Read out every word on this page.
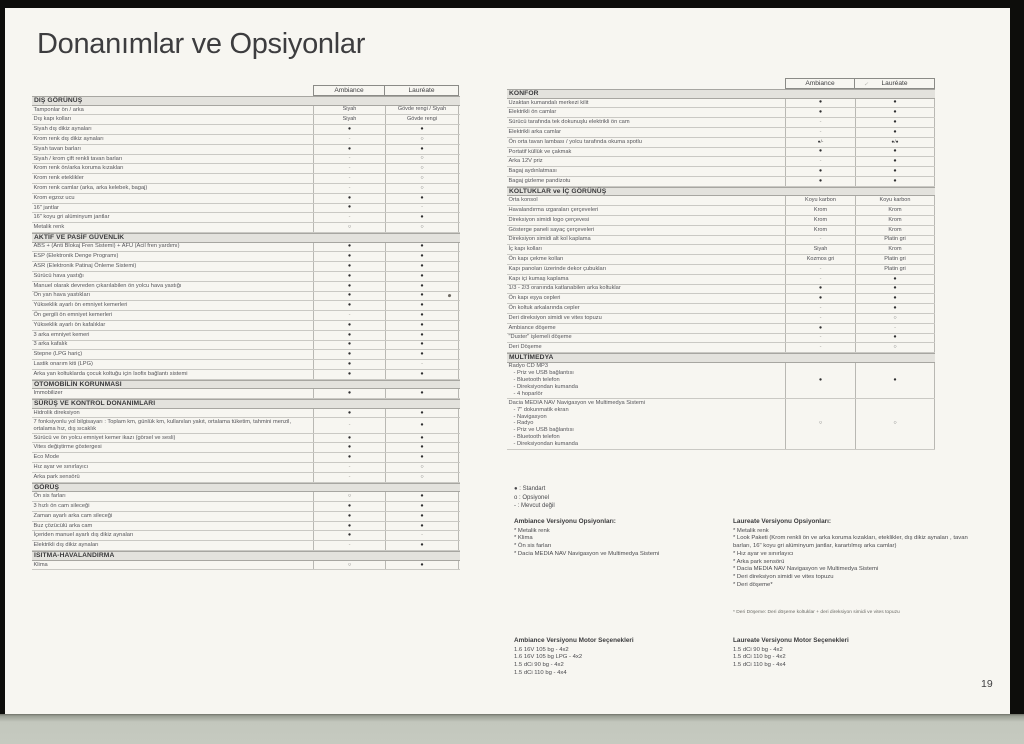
Donanımlar ve Opsiyonlar
Ambiance	Lauréate
DIŞ GÖRÜNÜŞ
Tamponlar ön / arka	Siyah	Gövde rengi / Siyah
Dış kapı kolları	Siyah	Gövde rengi
Siyah dış dikiz aynaları	●	●
Krom renk dış dikiz aynaları	-	○
Siyah tavan barları	●	●
Siyah / krom çift renkli tavan barları	-	○
Krom renk ön/arka koruma kızakları	-	○
Krom renk eteklikler	-	○
Krom renk camlar (arka, arka kelebek, bagaj)	-	○
Krom egzoz ucu	●	●
16" jantlar	●	-
16" koyu gri alüminyum jantlar	-	●
Metalik renk	○	○
AKTİF VE PASİF GÜVENLİK
ABS + (Anti Blokaj Fren Sistemi) + AFU (Acil fren yardımı)	●	●
ESP (Elektronik Denge Programı)	●	●
ASR (Elektronik Patinaj Önleme Sistemi)	●	●
Sürücü hava yastığı	●	●
Manuel olarak devreden çıkarılabilen ön yolcu hava yastığı	●	●
Ön yan hava yastıkları	●	●
Yükseklik ayarlı ön emniyet kemerleri	●	●
Ön gergili ön emniyet kemerleri	-	●
Yükseklik ayarlı ön kafalıklar	●	●
3 arka emniyet kemeri	●	●
3 arka kafalık	●	●
Stepne (LPG hariç)	●	●
Lastik onarım kiti (LPG)	●	-
Arka yan koltuklarda çocuk koltuğu için Isofix bağlantı sistemi	●	●
OTOMOBİLİN KORUNMASI
Immobilizer	●	●
SÜRÜŞ VE KONTROL DONANIMLARI
Hidrolik direksiyon	●	●
7 fonksiyonlu yol bilgisayarı : Toplam km, günlük km, kullanılan yakıt, ortalama tüketim, tahmini menzil, ortalama hız, dış sıcaklık
-	●
Sürücü ve ön yolcu emniyet kemer ikazı (görsel ve sesli)	●	●
Vites değiştirme göstergesi	●	●
Eco Mode	●	●
Hız ayar ve sınırlayıcı	-	○
Arka park sensörü	-	○
GÖRÜŞ
Ön sis farları	○	●
3 hızlı ön cam sileceği	●	●
Zaman ayarlı arka cam sileceği	●	●
Buz çözücülü arka cam	●	●
İçeriden manuel ayarlı dış dikiz aynaları	●	-
Elektrikli dış dikiz aynaları	-	●
ISITMA-HAVALANDIRMA
Klima	○	●
Ambiance	✓ Lauréate
KONFOR
Uzaktan kumandalı merkezi kilit	●	●
Elektrikli ön camlar	●	●
Sürücü tarafında tek dokunuşlu elektrikli ön cam	-	●
Elektrikli arka camlar	-	●
Ön orta tavan lambası / yolcu tarafında okuma spotlu	●/-	●/●
Portatif küllük ve çakmak	●	●
Arka 12V priz	-	●
Bagaj aydınlatması	●	●
Bagaj gizleme pandizotu	●	●
KOLTUKLAR ve İÇ GÖRÜNÜŞ
Orta konsol	Koyu karbon	Koyu karbon
Havalandırma ızgaraları çerçeveleri	Krom	Krom
Direksiyon simidi logo çerçevesi	Krom	Krom
Gösterge paneli sayaç çerçeveleri	Krom	Krom
Direksiyon simidi alt kol kaplama	-	Platin gri
İç kapı kolları	Siyah	Krom
Ön kapı çekme kolları	Kozmos gri	Platin gri
Kapı panoları üzerinde dekor çubukları	-	Platin gri
Kapı içi kumaş kaplama	-	●
1/3 - 2/3 oranında katlanabilen arka koltuklar	●	●
Ön kapı eşya cepleri	●	●
Ön koltuk arkalarında cepler	-	●
Deri direksiyon simidi ve vites topuzu	-	○
Ambiance döşeme	●	-
"Duster" işlemeli döşeme	-	●
Deri Döşeme	-	○
MULTİMEDYA
Radyo CD MP3
- Priz ve USB bağlantısı
- Bluetooth telefon
- Direksiyondan kumanda
- 4 hoparlör
●	●
Dacia MEDIA NAV Navigasyon ve Multimedya Sistemi
- 7" dokunmatik ekran
- Navigasyon
- Radyo
- Priz ve USB bağlantısı
- Bluetooth telefon
- Direksiyondan kumanda
○	○
● : Standart
o : Opsiyonel
- : Mevcut değil
Ambiance Versiyonu Opsiyonları:
* Metalik renk
* Klima
* Ön sis farları
* Dacia MEDIA NAV Navigasyon ve Multimedya Sistemi
Laureate Versiyonu Opsiyonları:
* Metalik renk
* Look Paketi (Krom renkli ön ve arka koruma kızakları, eteklikler, dış dikiz aynaları , tavan barları, 16" koyu gri alüminyum jantlar, karartılmış arka camlar)
* Hız ayar ve sınırlayıcı
* Arka park sensörü
* Dacia MEDIA NAV Navigasyon ve Multimedya Sistemi
* Deri direksiyon simidi ve vites topuzu
* Deri döşeme*
* Deri Döşeme: Deri döşeme koltuklar + deri direksiyon simidi ve vites topuzu
Ambiance Versiyonu Motor Seçenekleri
1.6 16V 105 bg - 4x2
1.6 16V 105 bg LPG - 4x2
1.5 dCi 90 bg - 4x2
1.5 dCi 110 bg - 4x4
Laureate Versiyonu Motor Seçenekleri
1.5 dCi 90 bg - 4x2
1.5 dCi 110 bg - 4x2
1.5 dCi 110 bg - 4x4
19
